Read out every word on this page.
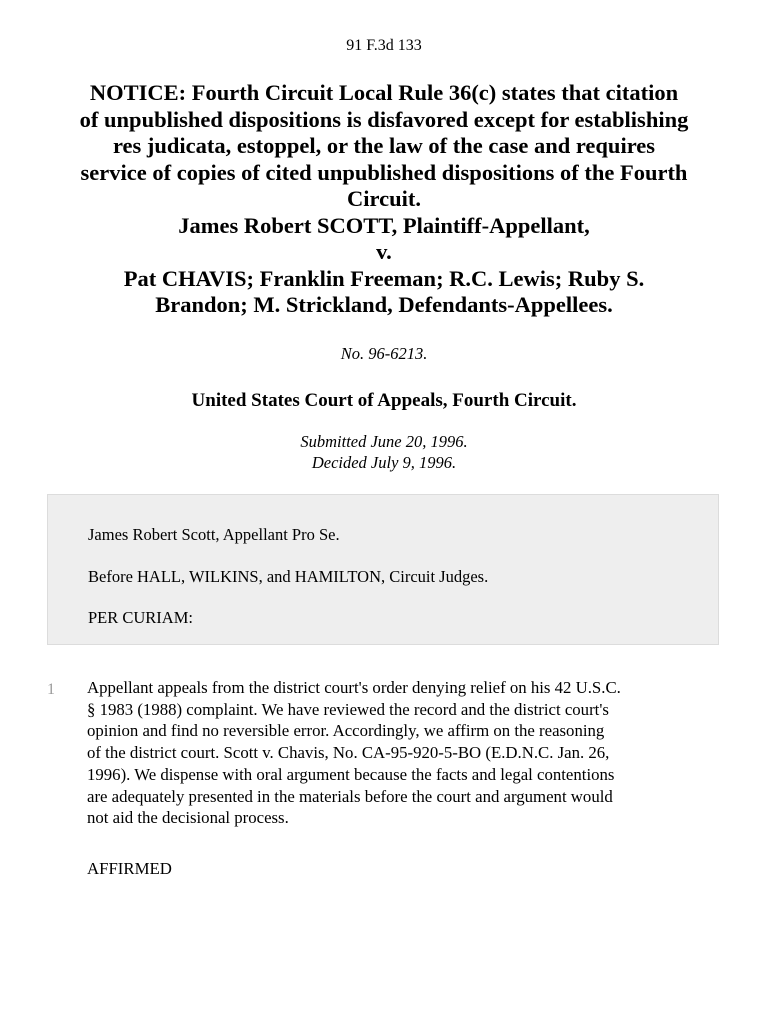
91 F.3d 133
NOTICE: Fourth Circuit Local Rule 36(c) states that citation
of unpublished dispositions is disfavored except for establishing
res judicata, estoppel, or the law of the case and requires
service of copies of cited unpublished dispositions of the Fourth
Circuit.
James Robert SCOTT, Plaintiff-Appellant,
v.
Pat CHAVIS; Franklin Freeman; R.C. Lewis; Ruby S.
Brandon; M. Strickland, Defendants-Appellees.
No. 96-6213.
United States Court of Appeals, Fourth Circuit.
Submitted June 20, 1996.
Decided July 9, 1996.

James Robert Scott, Appellant Pro Se.

Before HALL, WILKINS, and HAMILTON, Circuit Judges.

PER CURIAM:

1 Appellant appeals from the district court's order denying relief on his 42 U.S.C.
§ 1983 (1988) complaint. We have reviewed the record and the district court's
opinion and find no reversible error. Accordingly, we affirm on the reasoning
of the district court. Scott v. Chavis, No. CA-95-920-5-BO (E.D.N.C. Jan. 26,
1996). We dispense with oral argument because the facts and legal contentions
are adequately presented in the materials before the court and argument would
not aid the decisional process.
AFFIRMED
